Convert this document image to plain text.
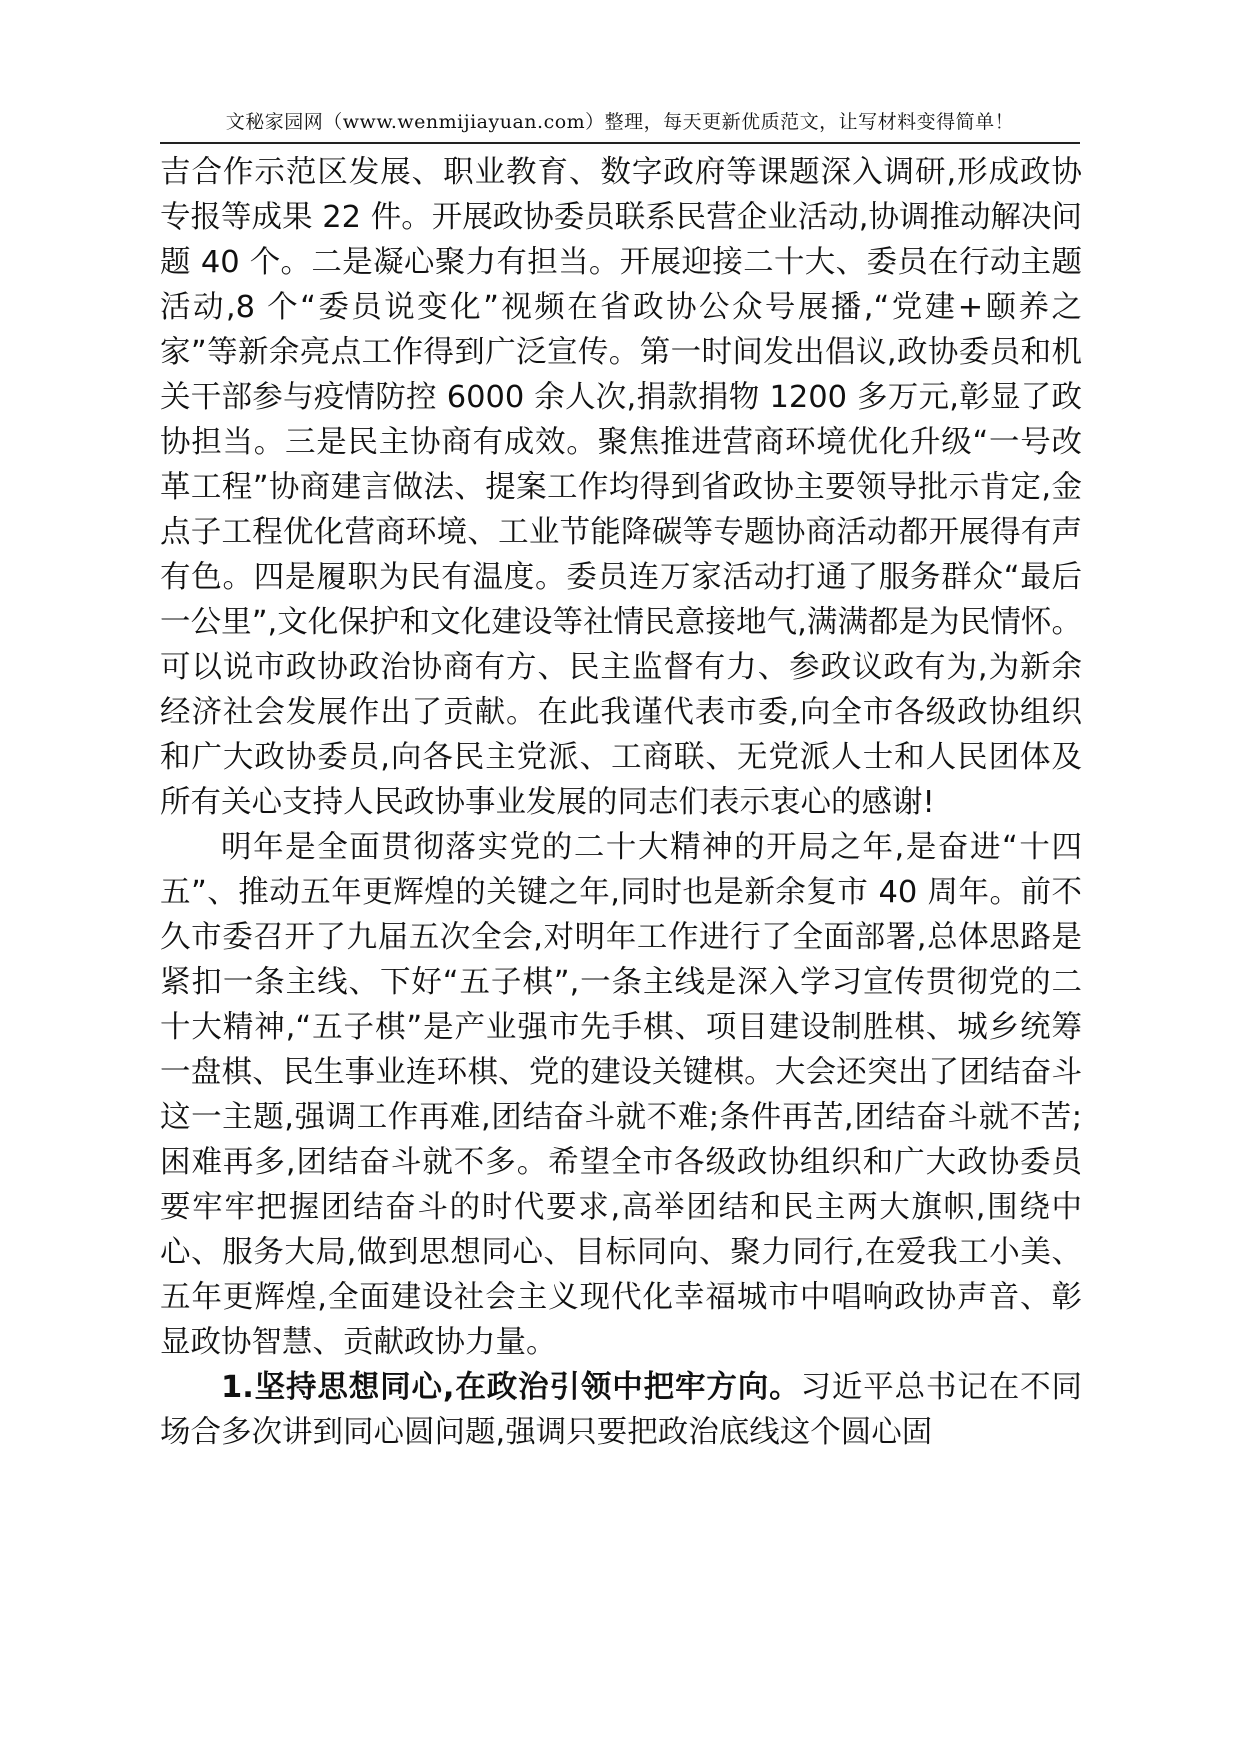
文秘家园网（www.wenmijiayuan.com）整理，每天更新优质范文，让写材料变得简单！

吉合作示范区发展、职业教育、数字政府等课题深入调研,形成政协专报等成果 22 件。开展政协委员联系民营企业活动,协调推动解决问题 40 个。二是凝心聚力有担当。开展迎接二十大、委员在行动主题活动,8 个“委员说变化”视频在省政协公众号展播,“党建+颐养之家”等新余亮点工作得到广泛宣传。第一时间发出倡议,政协委员和机关干部参与疫情防控 6000 余人次,捐款捐物 1200 多万元,彰显了政协担当。三是民主协商有成效。聚焦推进营商环境优化升级“一号改革工程”协商建言做法、提案工作均得到省政协主要领导批示肯定,金点子工程优化营商环境、工业节能降碳等专题协商活动都开展得有声有色。四是履职为民有温度。委员连万家活动打通了服务群众“最后一公里”,文化保护和文化建设等社情民意接地气,满满都是为民情怀。可以说市政协政治协商有方、民主监督有力、参政议政有为,为新余经济社会发展作出了贡献。在此我谨代表市委,向全市各级政协组织和广大政协委员,向各民主党派、工商联、无党派人士和人民团体及所有关心支持人民政协事业发展的同志们表示衷心的感谢!

明年是全面贯彻落实党的二十大精神的开局之年,是奋进“十四五”、推动五年更辉煌的关键之年,同时也是新余复市 40 周年。前不久市委召开了九届五次全会,对明年工作进行了全面部署,总体思路是紧扣一条主线、下好“五子棋”,一条主线是深入学习宣传贯彻党的二十大精神,“五子棋”是产业强市先手棋、项目建设制胜棋、城乡统筹一盘棋、民生事业连环棋、党的建设关键棋。大会还突出了团结奋斗这一主题,强调工作再难,团结奋斗就不难;条件再苦,团结奋斗就不苦;困难再多,团结奋斗就不多。希望全市各级政协组织和广大政协委员要牢牢把握团结奋斗的时代要求,高举团结和民主两大旗帜,围绕中心、服务大局,做到思想同心、目标同向、聚力同行,在爱我工小美、五年更辉煌,全面建设社会主义现代化幸福城市中唱响政协声音、彰显政协智慧、贡献政协力量。

1.坚持思想同心,在政治引领中把牢方向。习近平总书记在不同场合多次讲到同心圆问题,强调只要把政治底线这个圆心固
